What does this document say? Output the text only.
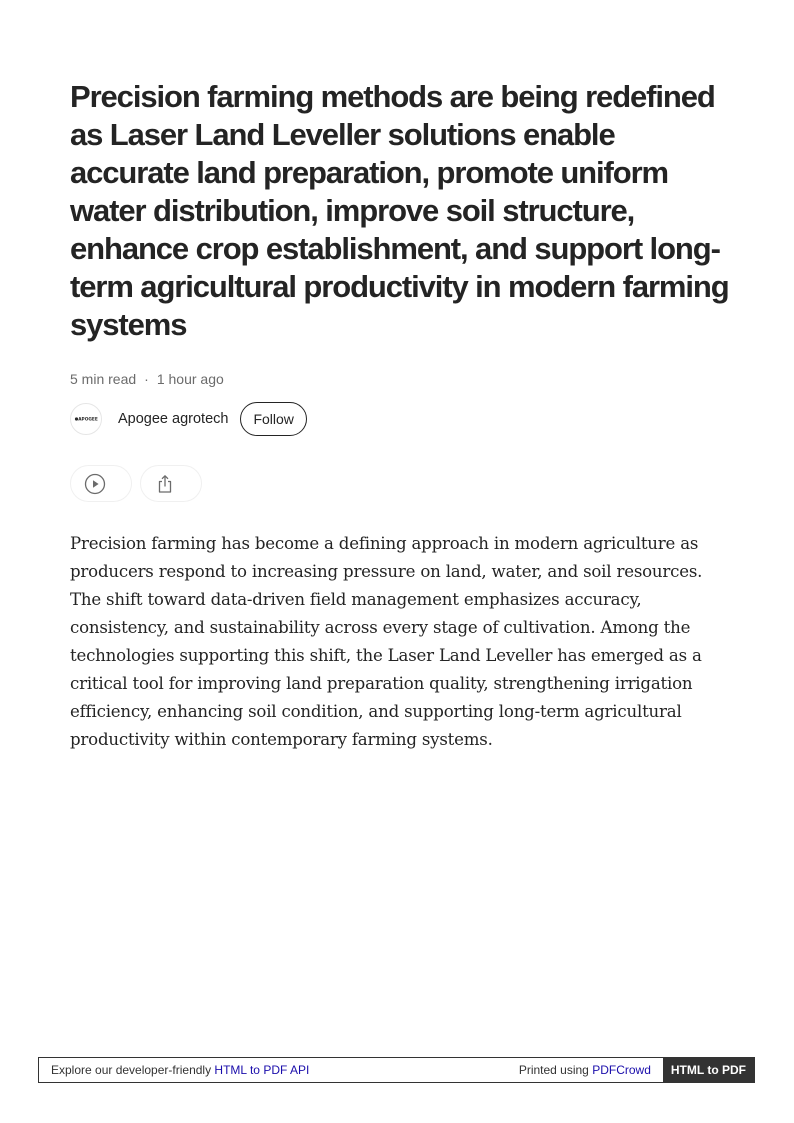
Precision farming methods are being redefined as Laser Land Leveller solutions enable accurate land preparation, promote uniform water distribution, improve soil structure, enhance crop establishment, and support long-term agricultural productivity in modern farming systems
5 min read · 1 hour ago
APOGEE Apogee agrotech	Follow

Precision farming has become a defining approach in modern agriculture as producers respond to increasing pressure on land, water, and soil resources. The shift toward data-driven field management emphasizes accuracy, consistency, and sustainability across every stage of cultivation. Among the technologies supporting this shift, the Laser Land Leveller has emerged as a critical tool for improving land preparation quality, strengthening irrigation efficiency, enhancing soil condition, and supporting long-term agricultural productivity within contemporary farming systems.

Explore our developer-friendly HTML to PDF API	Printed using PDFCrowd	HTML to PDF
